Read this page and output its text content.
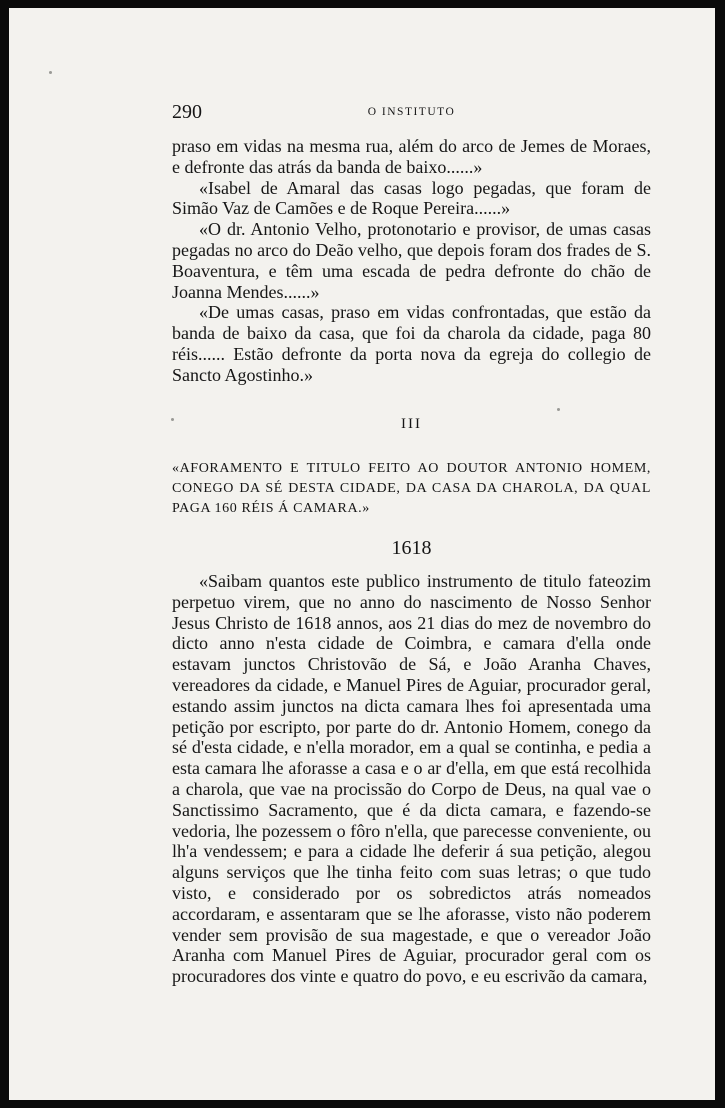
290	O INSTITUTO

praso em vidas na mesma rua, além do arco de Jemes de Moraes, e defronte das atrás da banda de baixo......»

«Isabel de Amaral das casas logo pegadas, que foram de Simão Vaz de Camões e de Roque Pereira......»

«O dr. Antonio Velho, protonotario e provisor, de umas casas pegadas no arco do Deão velho, que depois foram dos frades de S. Boaventura, e têm uma escada de pedra defronte do chão de Joanna Mendes......»

«De umas casas, praso em vidas confrontadas, que estão da banda de baixo da casa, que foi da charola da cidade, paga 80 réis...... Estão defronte da porta nova da egreja do collegio de Sancto Agostinho.»

III

«AFORAMENTO E TITULO FEITO AO DOUTOR ANTONIO HOMEM, CONEGO DA SÉ DESTA CIDADE, DA CASA DA CHAROLA, DA QUAL PAGA 160 RÉIS Á CAMARA.»

1618

«Saibam quantos este publico instrumento de titulo fateozim perpetuo virem, que no anno do nascimento de Nosso Senhor Jesus Christo de 1618 annos, aos 21 dias do mez de novembro do dicto anno n'esta cidade de Coimbra, e camara d'ella onde estavam junctos Christovão de Sá, e João Aranha Chaves, vereadores da cidade, e Manuel Pires de Aguiar, procurador geral, estando assim junctos na dicta camara lhes foi apresentada uma petição por escripto, por parte do dr. Antonio Homem, conego da sé d'esta cidade, e n'ella morador, em a qual se continha, e pedia a esta camara lhe aforasse a casa e o ar d'ella, em que está recolhida a charola, que vae na procissão do Corpo de Deus, na qual vae o Sanctissimo Sacramento, que é da dicta camara, e fazendo-se vedoria, lhe pozessem o fôro n'ella, que parecesse conveniente, ou lh'a vendessem; e para a cidade lhe deferir á sua petição, alegou alguns serviços que lhe tinha feito com suas letras; o que tudo visto, e considerado por os sobredictos atrás nomeados accordaram, e assentaram que se lhe aforasse, visto não poderem vender sem provisão de sua magestade, e que o vereador João Aranha com Manuel Pires de Aguiar, procurador geral com os procuradores dos vinte e quatro do povo, e eu escrivão da camara,
